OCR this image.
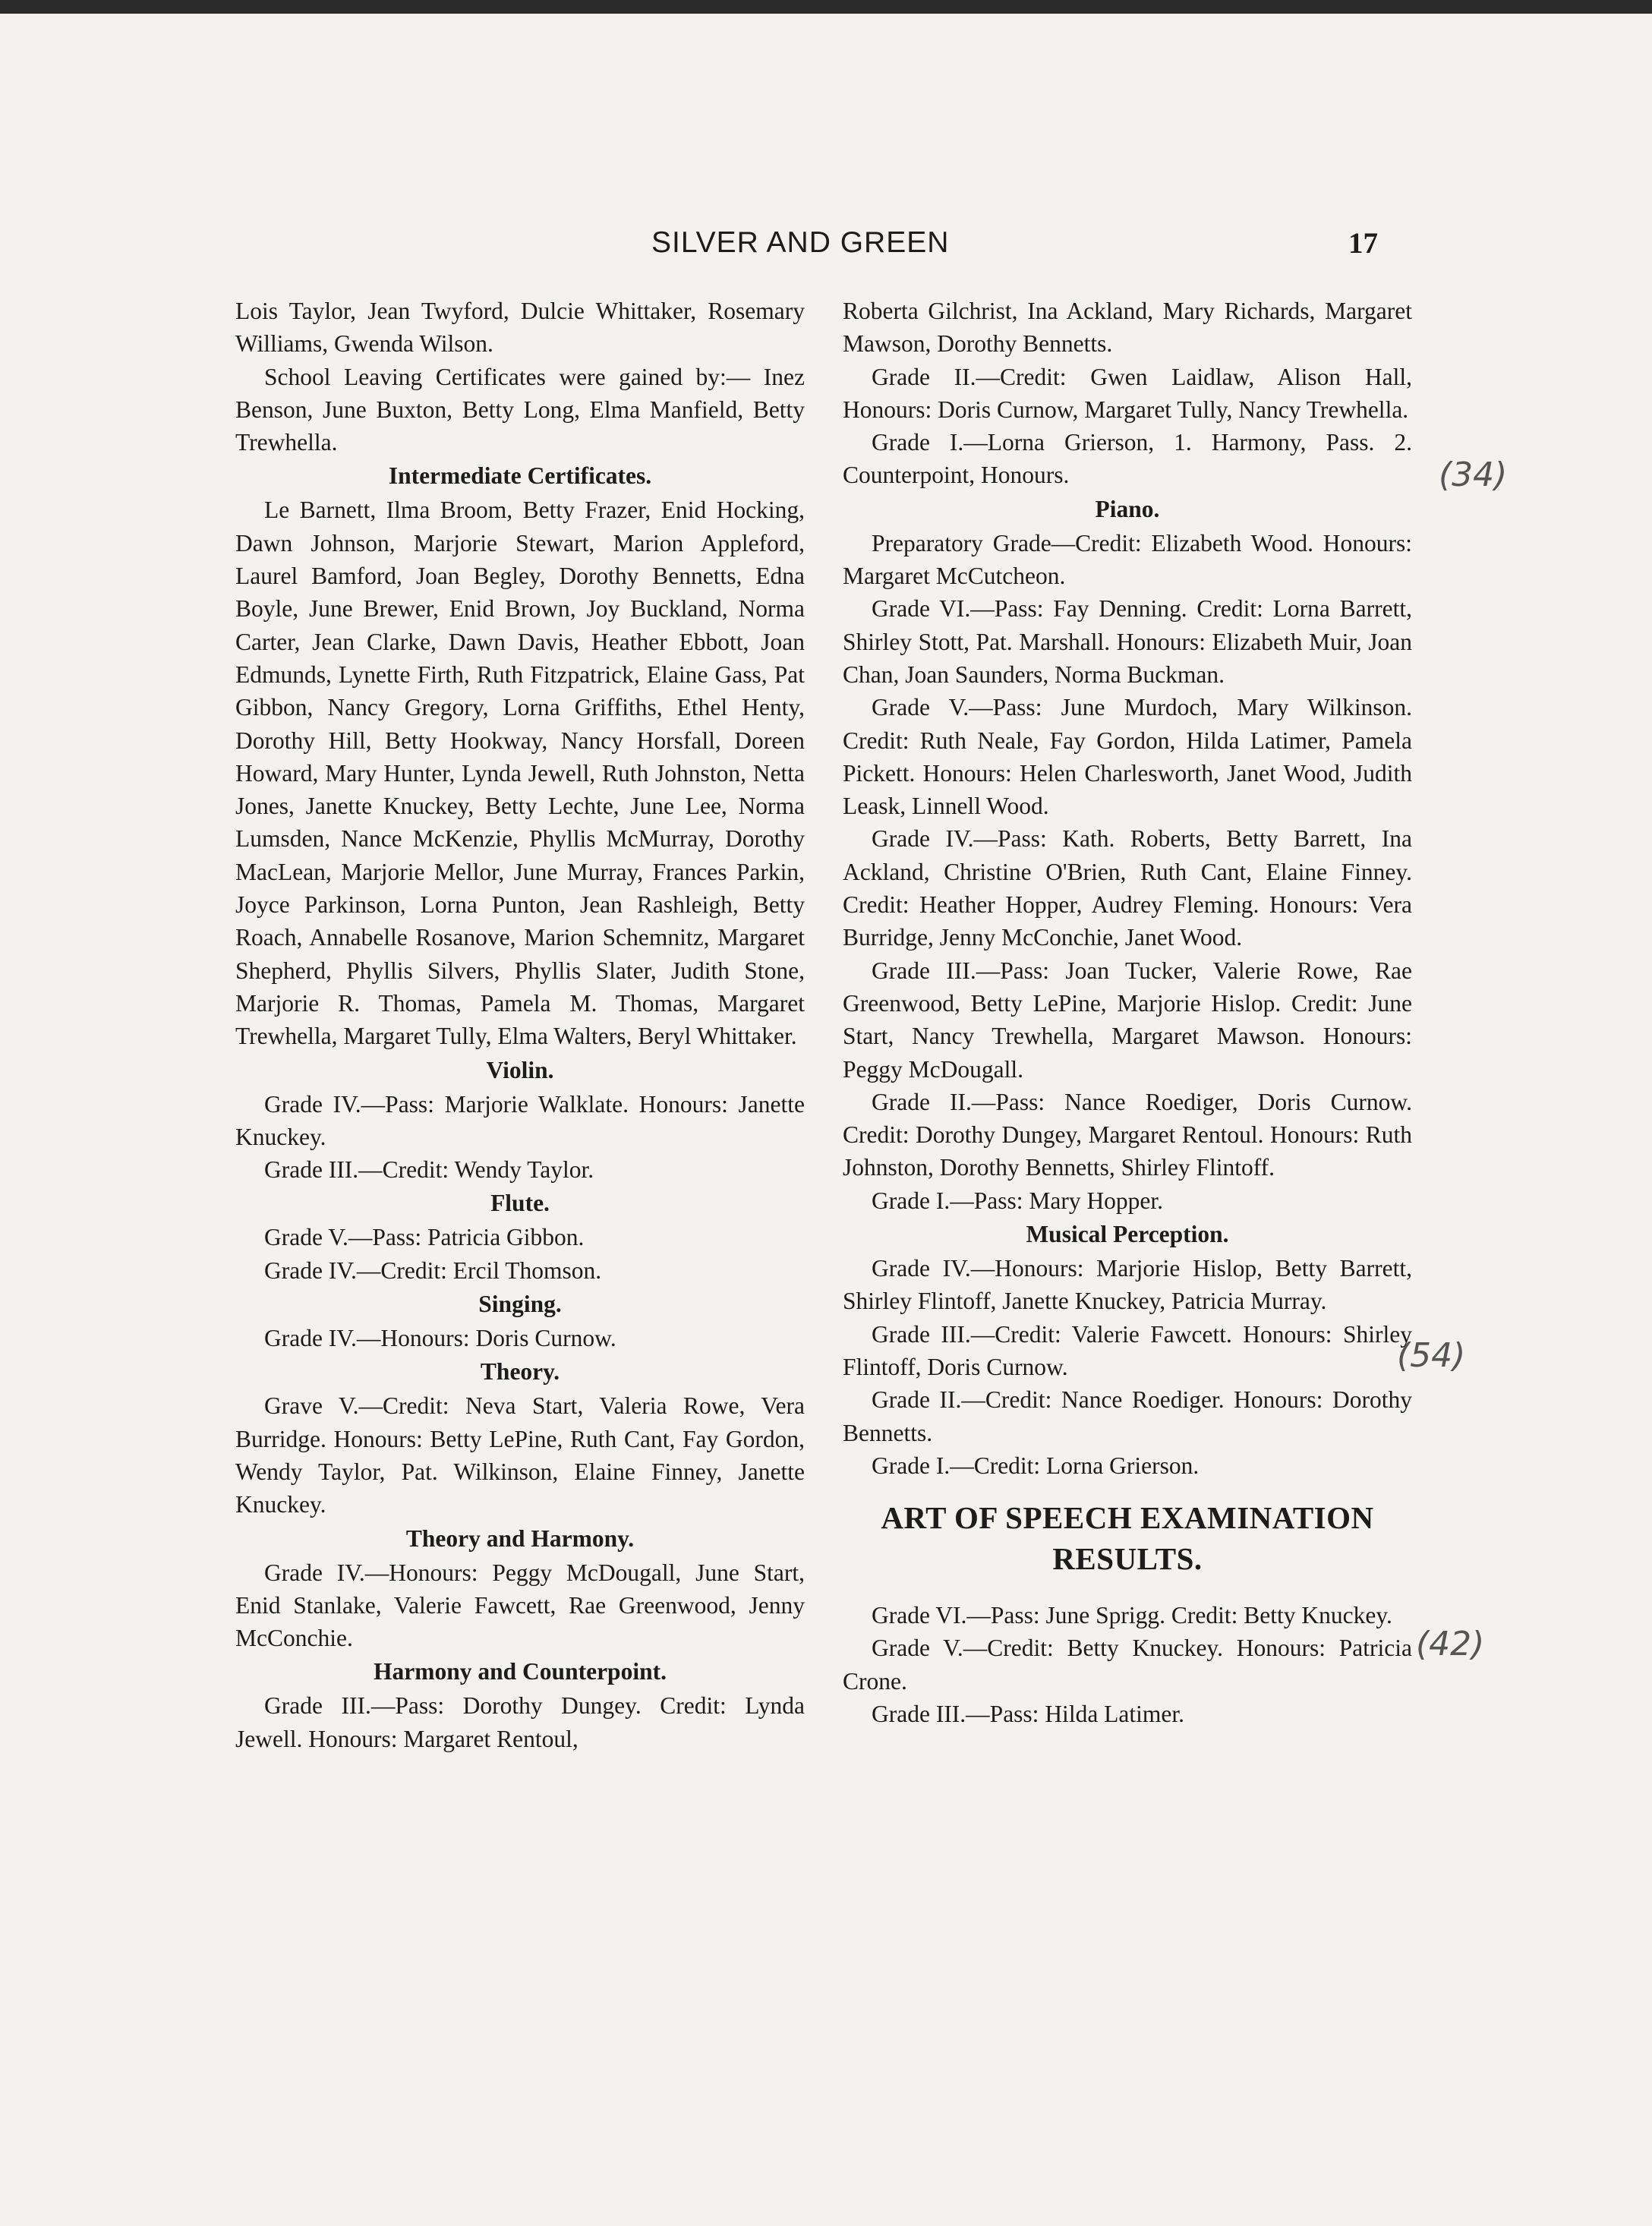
SILVER AND GREEN	17

Lois Taylor, Jean Twyford, Dulcie Whittaker, Rosemary Williams, Gwenda Wilson.

School Leaving Certificates were gained by:— Inez Benson, June Buxton, Betty Long, Elma Manfield, Betty Trewhella.

Intermediate Certificates.

Le Barnett, Ilma Broom, Betty Frazer, Enid Hocking, Dawn Johnson, Marjorie Stewart, Marion Appleford, Laurel Bamford, Joan Begley, Dorothy Bennetts, Edna Boyle, June Brewer, Enid Brown, Joy Buckland, Norma Carter, Jean Clarke, Dawn Davis, Heather Ebbott, Joan Edmunds, Lynette Firth, Ruth Fitzpatrick, Elaine Gass, Pat Gibbon, Nancy Gregory, Lorna Griffiths, Ethel Henty, Dorothy Hill, Betty Hookway, Nancy Horsfall, Doreen Howard, Mary Hunter, Lynda Jewell, Ruth Johnston, Netta Jones, Janette Knuckey, Betty Lechte, June Lee, Norma Lumsden, Nance McKenzie, Phyllis McMurray, Dorothy MacLean, Marjorie Mellor, June Murray, Frances Parkin, Joyce Parkinson, Lorna Punton, Jean Rashleigh, Betty Roach, Annabelle Rosanove, Marion Schemnitz, Margaret Shepherd, Phyllis Silvers, Phyllis Slater, Judith Stone, Marjorie R. Thomas, Pamela M. Thomas, Margaret Trewhella, Margaret Tully, Elma Walters, Beryl Whittaker.

Violin.

Grade IV.—Pass: Marjorie Walklate. Honours: Janette Knuckey.

Grade III.—Credit: Wendy Taylor.

Flute.

Grade V.—Pass: Patricia Gibbon.

Grade IV.—Credit: Ercil Thomson.

Singing.

Grade IV.—Honours: Doris Curnow.

Theory.

Grave V.—Credit: Neva Start, Valeria Rowe, Vera Burridge. Honours: Betty LePine, Ruth Cant, Fay Gordon, Wendy Taylor, Pat. Wilkinson, Elaine Finney, Janette Knuckey.

Theory and Harmony.

Grade IV.—Honours: Peggy McDougall, June Start, Enid Stanlake, Valerie Fawcett, Rae Greenwood, Jenny McConchie.

Harmony and Counterpoint.

Grade III.—Pass: Dorothy Dungey. Credit: Lynda Jewell. Honours: Margaret Rentoul,

Roberta Gilchrist, Ina Ackland, Mary Richards, Margaret Mawson, Dorothy Bennetts.

Grade II.—Credit: Gwen Laidlaw, Alison Hall, Honours: Doris Curnow, Margaret Tully, Nancy Trewhella.

Grade I.—Lorna Grierson, 1. Harmony, Pass. 2. Counterpoint, Honours.

Piano.

Preparatory Grade—Credit: Elizabeth Wood. Honours: Margaret McCutcheon.

Grade VI.—Pass: Fay Denning. Credit: Lorna Barrett, Shirley Stott, Pat. Marshall. Honours: Elizabeth Muir, Joan Chan, Joan Saunders, Norma Buckman.

Grade V.—Pass: June Murdoch, Mary Wilkinson. Credit: Ruth Neale, Fay Gordon, Hilda Latimer, Pamela Pickett. Honours: Helen Charlesworth, Janet Wood, Judith Leask, Linnell Wood.

Grade IV.—Pass: Kath. Roberts, Betty Barrett, Ina Ackland, Christine O'Brien, Ruth Cant, Elaine Finney. Credit: Heather Hopper, Audrey Fleming. Honours: Vera Burridge, Jenny McConchie, Janet Wood.

Grade III.—Pass: Joan Tucker, Valerie Rowe, Rae Greenwood, Betty LePine, Marjorie Hislop. Credit: June Start, Nancy Trewhella, Margaret Mawson. Honours: Peggy McDougall.

Grade II.—Pass: Nance Roediger, Doris Curnow. Credit: Dorothy Dungey, Margaret Rentoul. Honours: Ruth Johnston, Dorothy Bennetts, Shirley Flintoff.

Grade I.—Pass: Mary Hopper.

Musical Perception.

Grade IV.—Honours: Marjorie Hislop, Betty Barrett, Shirley Flintoff, Janette Knuckey, Patricia Murray.

Grade III.—Credit: Valerie Fawcett. Honours: Shirley Flintoff, Doris Curnow.

Grade II.—Credit: Nance Roediger. Honours: Dorothy Bennetts.

Grade I.—Credit: Lorna Grierson.

ART OF SPEECH EXAMINATION RESULTS.

Grade VI.—Pass: June Sprigg. Credit: Betty Knuckey.

Grade V.—Credit: Betty Knuckey. Honours: Patricia Crone.

Grade III.—Pass: Hilda Latimer.

(34)
(54)
(42)
